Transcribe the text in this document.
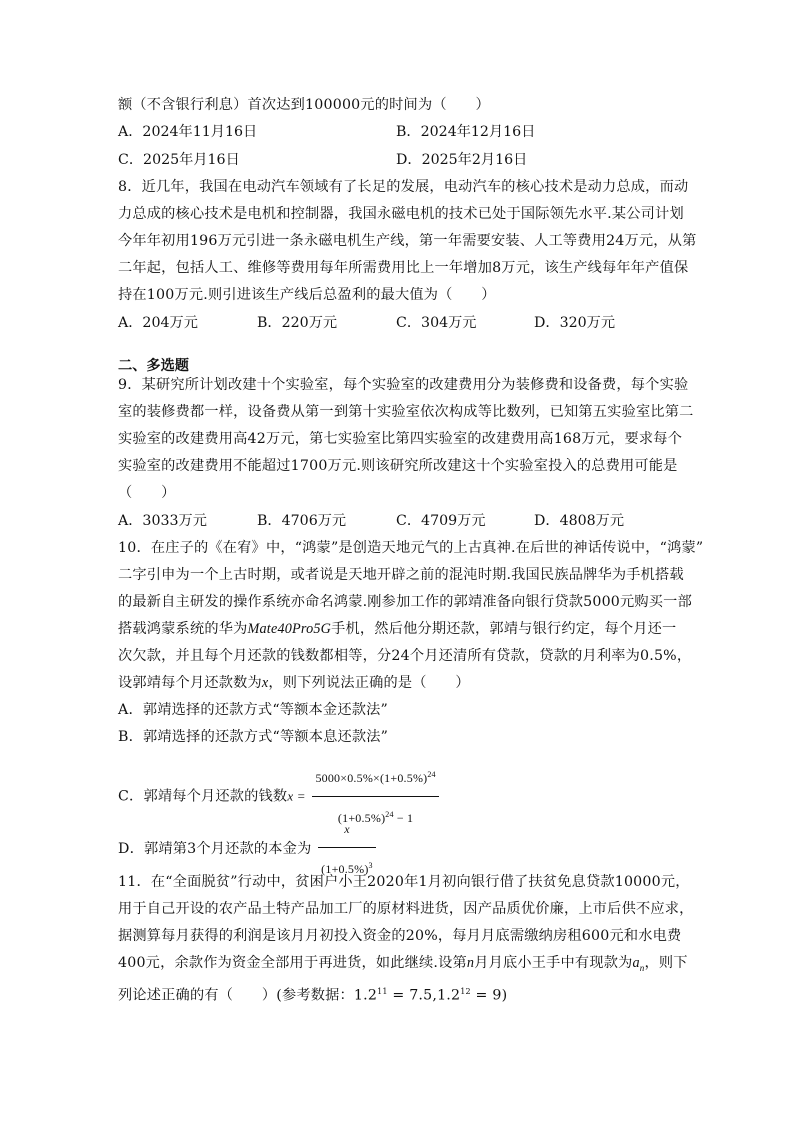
额（不含银行利息）首次达到100000元的时间为（　　）
A．2024年11月16日	B．2024年12月16日
C．2025年月16日	D．2025年2月16日
8．近几年，我国在电动汽车领域有了长足的发展，电动汽车的核心技术是动力总成，而动
力总成的核心技术是电机和控制器，我国永磁电机的技术已处于国际领先水平.某公司计划
今年年初用196万元引进一条永磁电机生产线，第一年需要安装、人工等费用24万元，从第
二年起，包括人工、维修等费用每年所需费用比上一年增加8万元，该生产线每年年产值保
持在100万元.则引进该生产线后总盈利的最大值为（　　）
A．204万元	B．220万元	C．304万元	D．320万元
二、多选题
9．某研究所计划改建十个实验室，每个实验室的改建费用分为装修费和设备费，每个实验
室的装修费都一样，设备费从第一到第十实验室依次构成等比数列，已知第五实验室比第二
实验室的改建费用高42万元，第七实验室比第四实验室的改建费用高168万元，要求每个
实验室的改建费用不能超过1700万元.则该研究所改建这十个实验室投入的总费用可能是
（　　）
A．3033万元	B．4706万元	C．4709万元	D．4808万元
10．在庄子的《在宥》中，“鸿蒙”是创造天地元气的上古真神.在后世的神话传说中，“鸿蒙”
二字引申为一个上古时期，或者说是天地开辟之前的混沌时期.我国民族品牌华为手机搭载
的最新自主研发的操作系统亦命名鸿蒙.刚参加工作的郭靖准备向银行贷款5000元购买一部
搭载鸿蒙系统的华为Mate40Pro5G手机，然后他分期还款，郭靖与银行约定，每个月还一
次欠款，并且每个月还款的钱数都相等，分24个月还清所有贷款，贷款的月利率为0.5%，
设郭靖每个月还款数为x，则下列说法正确的是（　　）
A．郭靖选择的还款方式“等额本金还款法”
B．郭靖选择的还款方式“等额本息还款法”
C．郭靖每个月还款的钱数$x = \frac{5000\times 0.5\%\times(1+0.5\%)^{24}}{(1+0.5\%)^{24} - 1}$
D．郭靖第3个月还款的本金为 $\frac{x}{(1+0.5\%)^3}$
11．在“全面脱贫”行动中，贫困户小王2020年1月初向银行借了扶贫免息贷款10000元，
用于自己开设的农产品土特产品加工厂的原材料进货，因产品质优价廉，上市后供不应求，
据测算每月获得的利润是该月月初投入资金的20%，每月月底需缴纳房租600元和水电费
400元，余款作为资金全部用于再进货，如此继续.设第n月月底小王手中有现款为$a_n$，则下
列论述正确的有（　　）(参考数据：$1.2^{11} = 7.5,1.2^{12} = 9$)
